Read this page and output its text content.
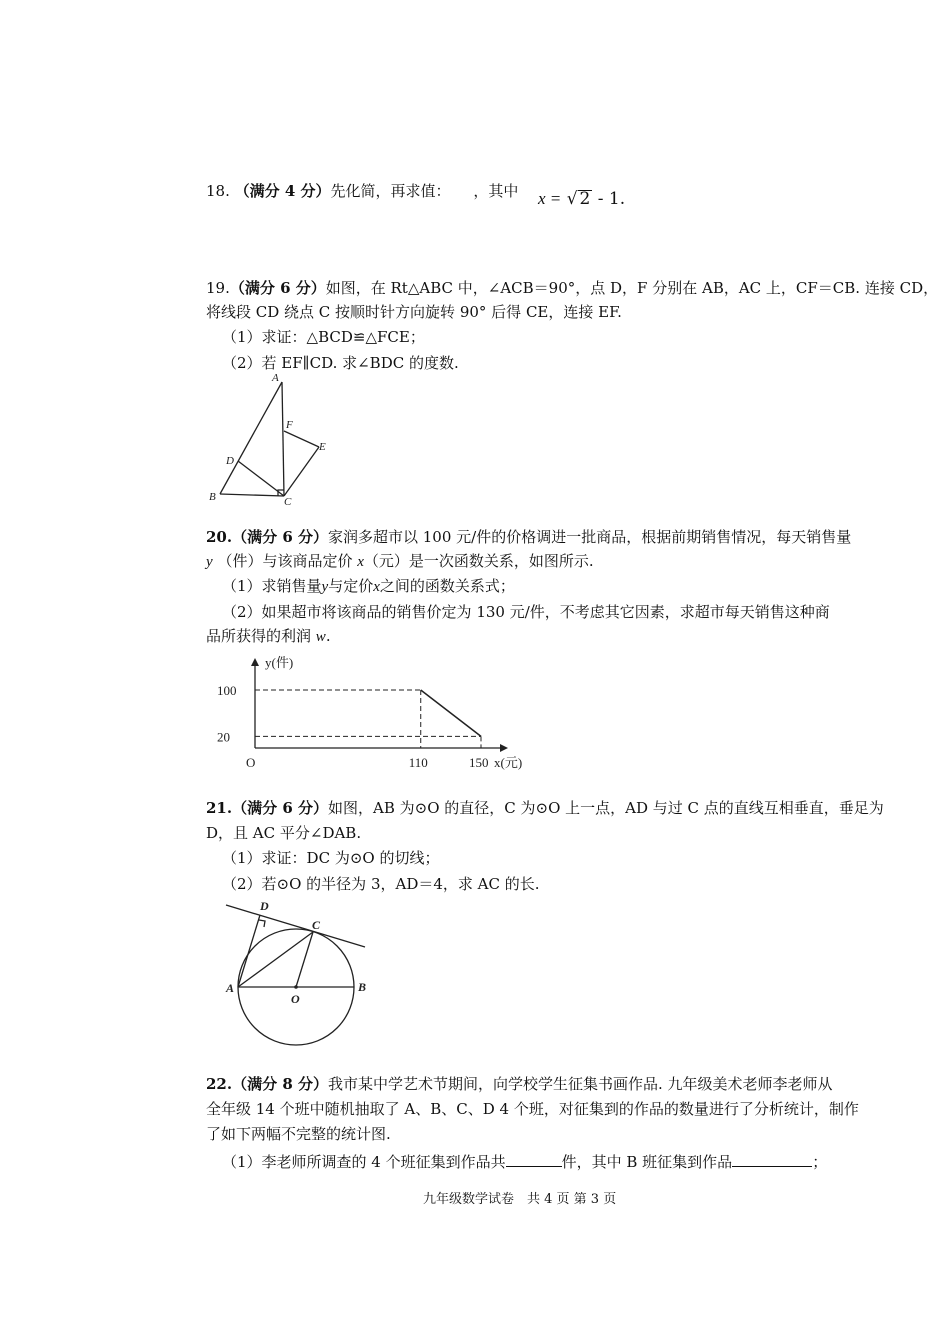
18. （满分 4 分）先化简，再求值： ，其中 x = √ 2 - 1.
19.（满分 6 分）如图，在 Rt△ABC 中，∠ACB＝90°，点 D，F 分别在 AB，AC 上，CF＝CB. 连接 CD，
将线段 CD 绕点 C 按顺时针方向旋转 90° 后得 CE，连接 EF.
（1）求证：△BCD≌△FCE；
（2）若 EF∥CD. 求∠BDC 的度数.
A
F
E
D
B	C
20.（满分 6 分）家润多超市以 100 元/件的价格调进一批商品，根据前期销售情况，每天销售量
y （件）与该商品定价 x（元）是一次函数关系，如图所示.
（1）求销售量y与定价x之间的函数关系式；
（2）如果超市将该商品的销售价定为 130 元/件，不考虑其它因素，求超市每天销售这种商
品所获得的利润 w.
100
20
110	150
y(件)
x(元)
O
21.（满分 6 分）如图，AB 为⊙O 的直径，C 为⊙O 上一点，AD 与过 C 点的直线互相垂直，垂足为
D，且 AC 平分∠DAB.
（1）求证：DC 为⊙O 的切线；
（2）若⊙O 的半径为 3，AD＝4，求 AC 的长.
D
C
A
O
B
22.（满分 8 分）我市某中学艺术节期间，向学校学生征集书画作品. 九年级美术老师李老师从
全年级 14 个班中随机抽取了 A、B、C、D 4 个班，对征集到的作品的数量进行了分析统计，制作
了如下两幅不完整的统计图.
（1）李老师所调查的 4 个班征集到作品共	件，其中 B 班征集到作品	；
九年级数学试卷　共 4 页 第 3 页
